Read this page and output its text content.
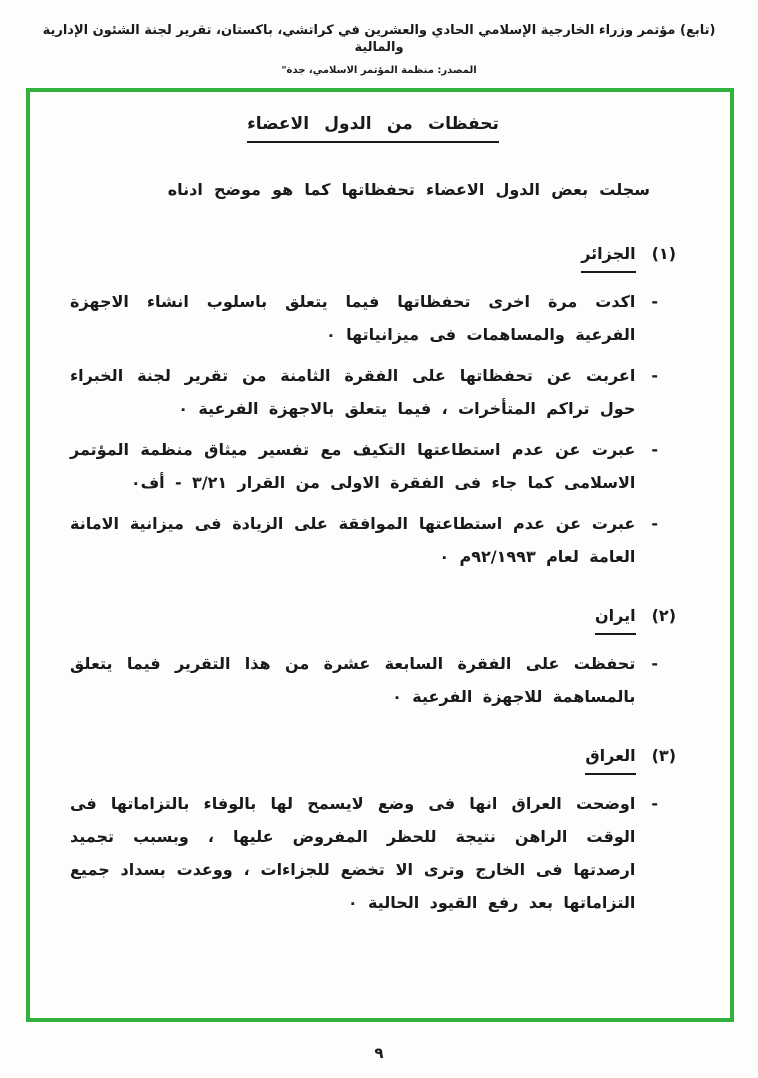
(تابع) مؤتمر وزراء الخارجية الإسلامي الحادي والعشرين في كراتشي، باكستان، تقرير لجنة الشئون الإدارية والمالية
المصدر: منظمة المؤتمر الاسلامي، جدة"
تحفظات من الدول الاعضاء

سجلت بعض الدول الاعضاء تحفظاتها كما هو موضح ادناه

(١)
الجزائر
-

اكدت مرة اخرى تحفظاتها فيما يتعلق باسلوب انشاء الاجهزة الفرعية والمساهمات فى ميزانياتها ٠

-

اعربت عن تحفظاتها على الفقرة الثامنة من تقرير لجنة الخبراء حول تراكم المتأخرات ، فيما يتعلق بالاجهزة الفرعية ٠

-

عبرت عن عدم استطاعتها التكيف مع تفسير ميثاق منظمة المؤتمر الاسلامى كما جاء فى الفقرة الاولى من القرار ٣/٢١ - أف٠

-

عبرت عن عدم استطاعتها الموافقة على الزيادة فى ميزانية الامانة العامة لعام ٩٢/١٩٩٣م ٠

(٢)
ايران
-

تحفظت على الفقرة السابعة عشرة من هذا التقرير فيما يتعلق بالمساهمة للاجهزة الفرعية ٠

(٣)
العراق
-

اوضحت العراق انها فى وضع لايسمح لها بالوفاء بالتزاماتها فى الوقت الراهن نتيجة للحظر المفروض عليها ، وبسبب تجميد ارصدتها فى الخارج وترى الا تخضع للجزاءات ، ووعدت بسداد جميع التزاماتها بعد رفع القيود الحالية ٠

٩
